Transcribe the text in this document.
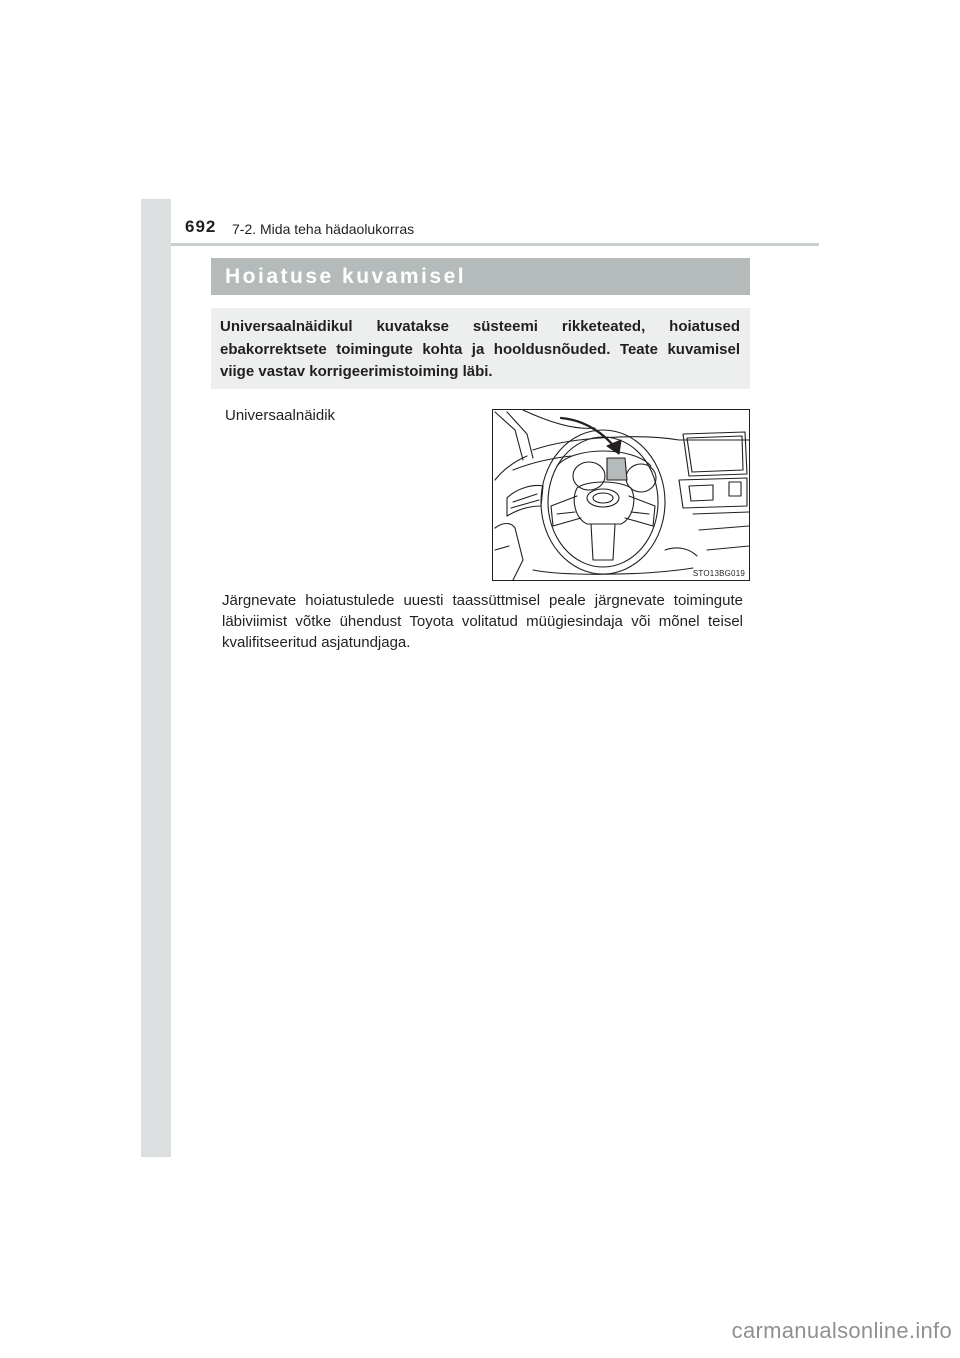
692 7-2. Mida teha hädaolukorras
Hoiatuse kuvamisel
Universaalnäidikul kuvatakse süsteemi rikketeated, hoiatused ebakorrektsete toimingute kohta ja hooldusnõuded. Teate kuvamisel viige vastav korrigeerimistoiming läbi.
Universaalnäidik
STO13BG019

Järgnevate hoiatustulede uuesti taassüttmisel peale järgnevate toimingute läbiviimist võtke ühendust Toyota volitatud müügiesindaja või mõnel teisel kvalifitseeritud asjatundjaga.

carmanualsonline.info
